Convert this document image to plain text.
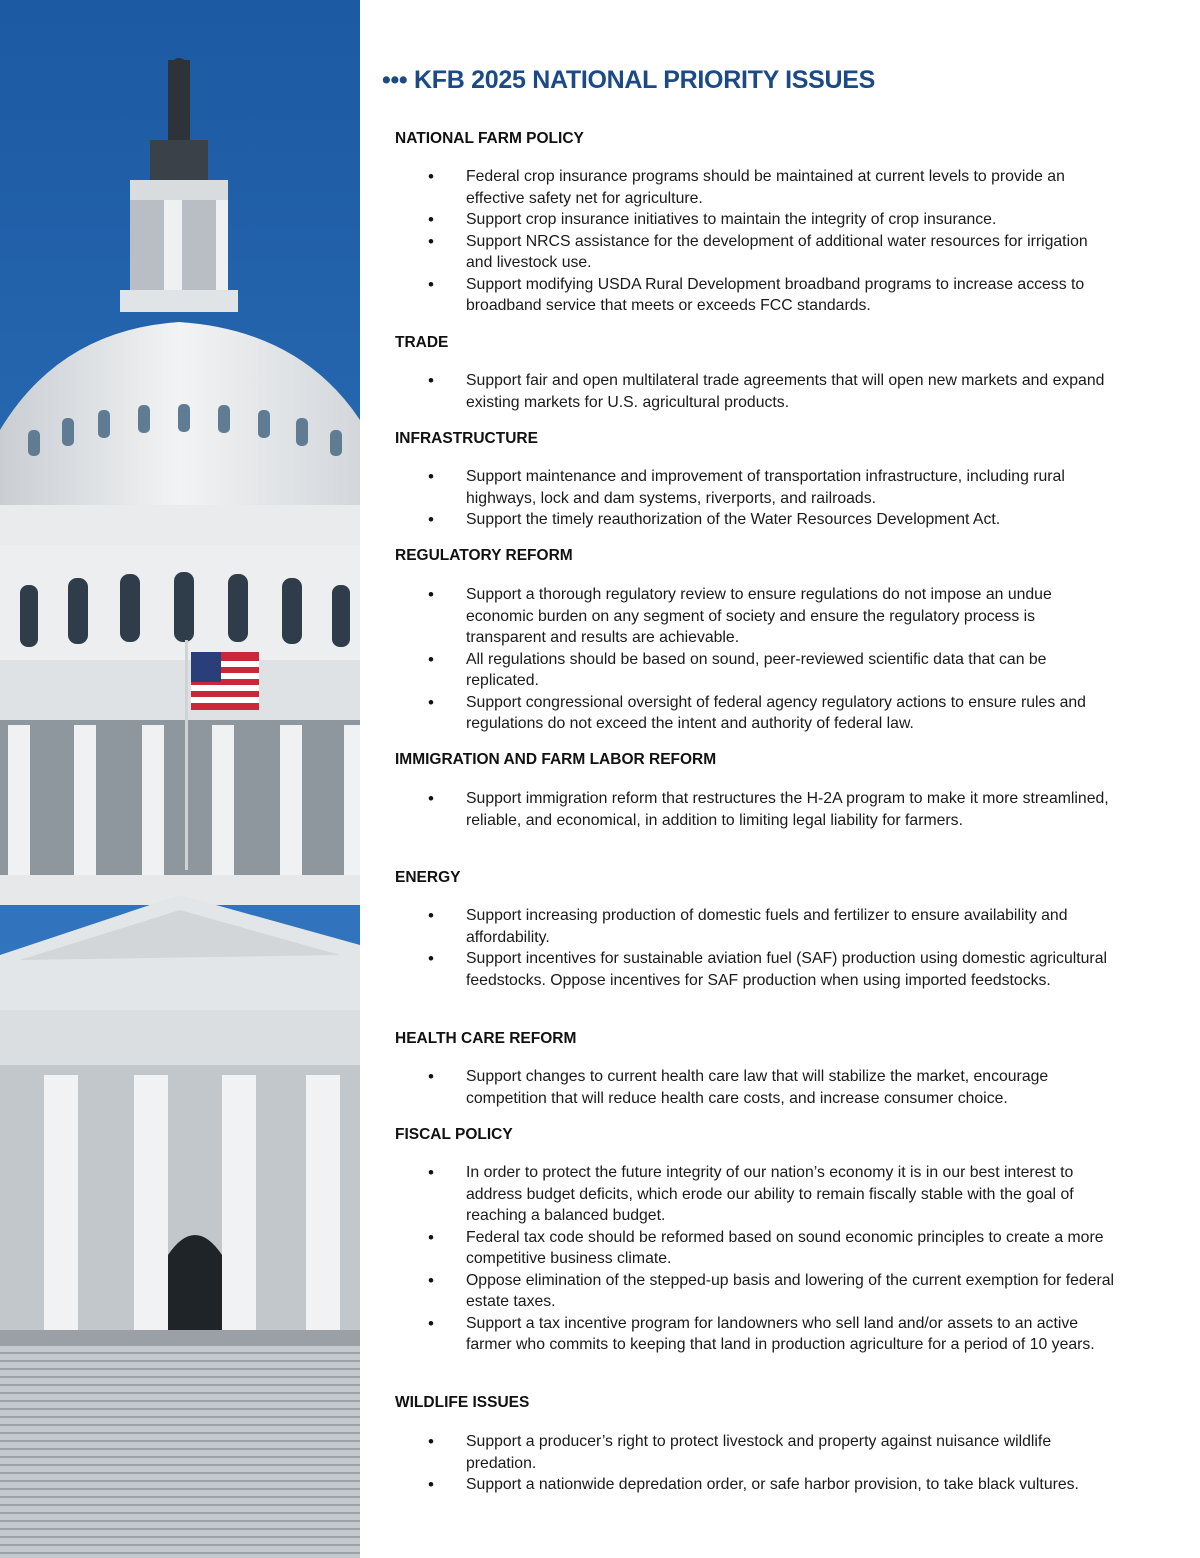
••• KFB 2025 NATIONAL PRIORITY ISSUES
NATIONAL FARM POLICY
• Federal crop insurance programs should be maintained at current levels to provide an effective safety net for agriculture.
• Support crop insurance initiatives to maintain the integrity of crop insurance.
• Support NRCS assistance for the development of additional water resources for irrigation and livestock use.
• Support modifying USDA Rural Development broadband programs to increase access to broadband service that meets or exceeds FCC standards.
TRADE
• Support fair and open multilateral trade agreements that will open new markets and expand existing markets for U.S. agricultural products.
INFRASTRUCTURE
• Support maintenance and improvement of transportation infrastructure, including rural highways, lock and dam systems, riverports, and railroads.
• Support the timely reauthorization of the Water Resources Development Act.
REGULATORY REFORM
• Support a thorough regulatory review to ensure regulations do not impose an undue economic burden on any segment of society and ensure the regulatory process is transparent and results are achievable.
• All regulations should be based on sound, peer-reviewed scientific data that can be replicated.
• Support congressional oversight of federal agency regulatory actions to ensure rules and regulations do not exceed the intent and authority of federal law.
IMMIGRATION AND FARM LABOR REFORM
• Support immigration reform that restructures the H-2A program to make it more streamlined, reliable, and economical, in addition to limiting legal liability for farmers.
ENERGY
• Support increasing production of domestic fuels and fertilizer to ensure availability and affordability.
• Support incentives for sustainable aviation fuel (SAF) production using domestic agricultural feedstocks. Oppose incentives for SAF production when using imported feedstocks.
HEALTH CARE REFORM
• Support changes to current health care law that will stabilize the market, encourage competition that will reduce health care costs, and increase consumer choice.
FISCAL POLICY
• In order to protect the future integrity of our nation’s economy it is in our best interest to address budget deficits, which erode our ability to remain fiscally stable with the goal of reaching a balanced budget.
• Federal tax code should be reformed based on sound economic principles to create a more competitive business climate.
• Oppose elimination of the stepped-up basis and lowering of the current exemption for federal estate taxes.
• Support a tax incentive program for landowners who sell land and/or assets to an active farmer who commits to keeping that land in production agriculture for a period of 10 years.
WILDLIFE ISSUES
• Support a producer’s right to protect livestock and property against nuisance wildlife predation.
• Support a nationwide depredation order, or safe harbor provision, to take black vultures.
